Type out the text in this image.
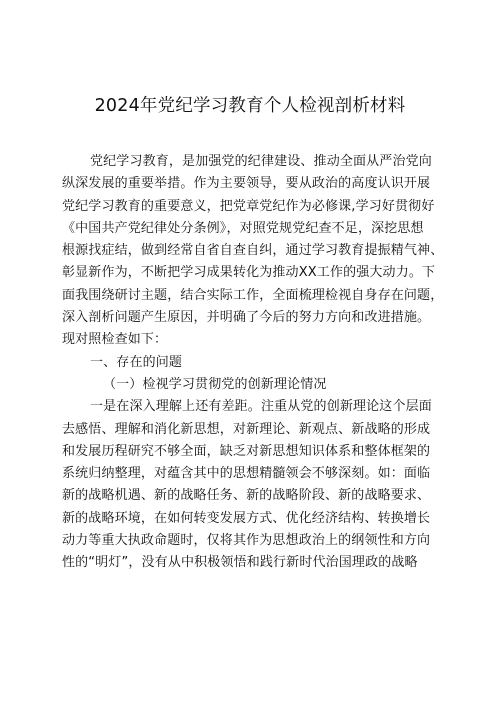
2024年党纪学习教育个人检视剖析材料
党纪学习教育，是加强党的纪律建设、推动全面从严治党向
纵深发展的重要举措。作为主要领导，要从政治的高度认识开展
党纪学习教育的重要意义，把党章党纪作为必修课,学习好贯彻好
《中国共产党纪律处分条例》，对照党规党纪查不足，深挖思想
根源找症结，做到经常自省自查自纠，通过学习教育提振精气神、
彰显新作为，不断把学习成果转化为推动XX工作的强大动力。下
面我围绕研讨主题，结合实际工作，全面梳理检视自身存在问题，
深入剖析问题产生原因，并明确了今后的努力方向和改进措施。
现对照检查如下：
一、存在的问题
（一）检视学习贯彻党的创新理论情况
一是在深入理解上还有差距。注重从党的创新理论这个层面
去感悟、理解和消化新思想，对新理论、新观点、新战略的形成
和发展历程研究不够全面，缺乏对新思想知识体系和整体框架的
系统归纳整理，对蕴含其中的思想精髓领会不够深刻。如：面临
新的战略机遇、新的战略任务、新的战略阶段、新的战略要求、
新的战略环境，在如何转变发展方式、优化经济结构、转换增长
动力等重大执政命题时，仅将其作为思想政治上的纲领性和方向
性的“明灯”，没有从中积极领悟和践行新时代治国理政的战略
